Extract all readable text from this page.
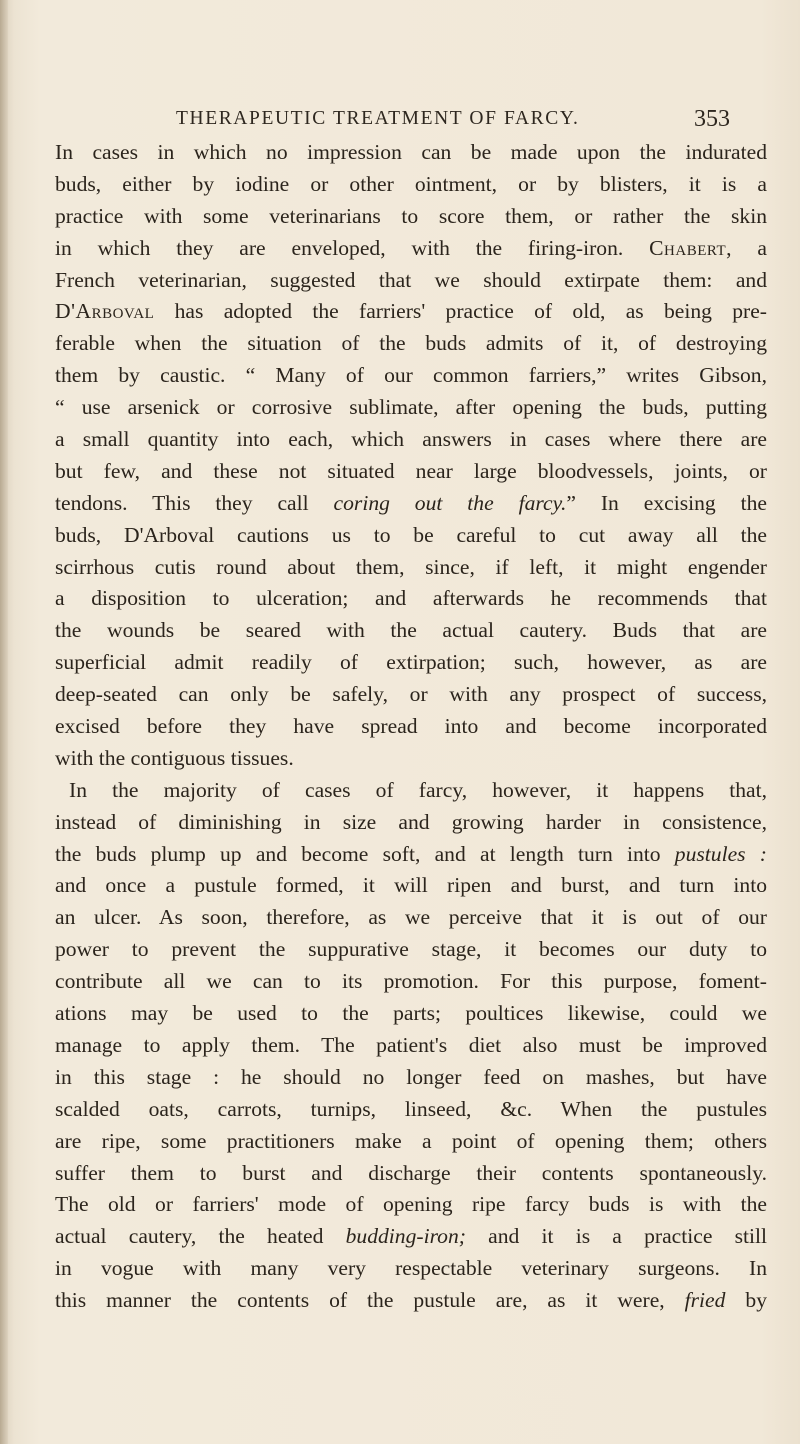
THERAPEUTIC TREATMENT OF FARCY.	353
In cases in which no impression can be made upon the indurated
buds, either by iodine or other ointment, or by blisters, it is a
practice with some veterinarians to score them, or rather the skin
in which they are enveloped, with the firing-iron. Chabert, a
French veterinarian, suggested that we should extirpate them: and
D'Arboval has adopted the farriers' practice of old, as being pre-
ferable when the situation of the buds admits of it, of destroying
them by caustic. “ Many of our common farriers,” writes Gibson,
“ use arsenick or corrosive sublimate, after opening the buds, putting
a small quantity into each, which answers in cases where there are
but few, and these not situated near large bloodvessels, joints, or
tendons. This they call coring out the farcy.” In excising the
buds, D'Arboval cautions us to be careful to cut away all the
scirrhous cutis round about them, since, if left, it might engender
a disposition to ulceration; and afterwards he recommends that
the wounds be seared with the actual cautery. Buds that are
superficial admit readily of extirpation; such, however, as are
deep-seated can only be safely, or with any prospect of success,
excised before they have spread into and become incorporated
with the contiguous tissues.
In the majority of cases of farcy, however, it happens that,
instead of diminishing in size and growing harder in consistence,
the buds plump up and become soft, and at length turn into pustules :
and once a pustule formed, it will ripen and burst, and turn into
an ulcer. As soon, therefore, as we perceive that it is out of our
power to prevent the suppurative stage, it becomes our duty to
contribute all we can to its promotion. For this purpose, foment-
ations may be used to the parts; poultices likewise, could we
manage to apply them. The patient's diet also must be improved
in this stage : he should no longer feed on mashes, but have
scalded oats, carrots, turnips, linseed, &c. When the pustules
are ripe, some practitioners make a point of opening them; others
suffer them to burst and discharge their contents spontaneously.
The old or farriers' mode of opening ripe farcy buds is with the
actual cautery, the heated budding-iron; and it is a practice still
in vogue with many very respectable veterinary surgeons. In
this manner the contents of the pustule are, as it were, fried by
